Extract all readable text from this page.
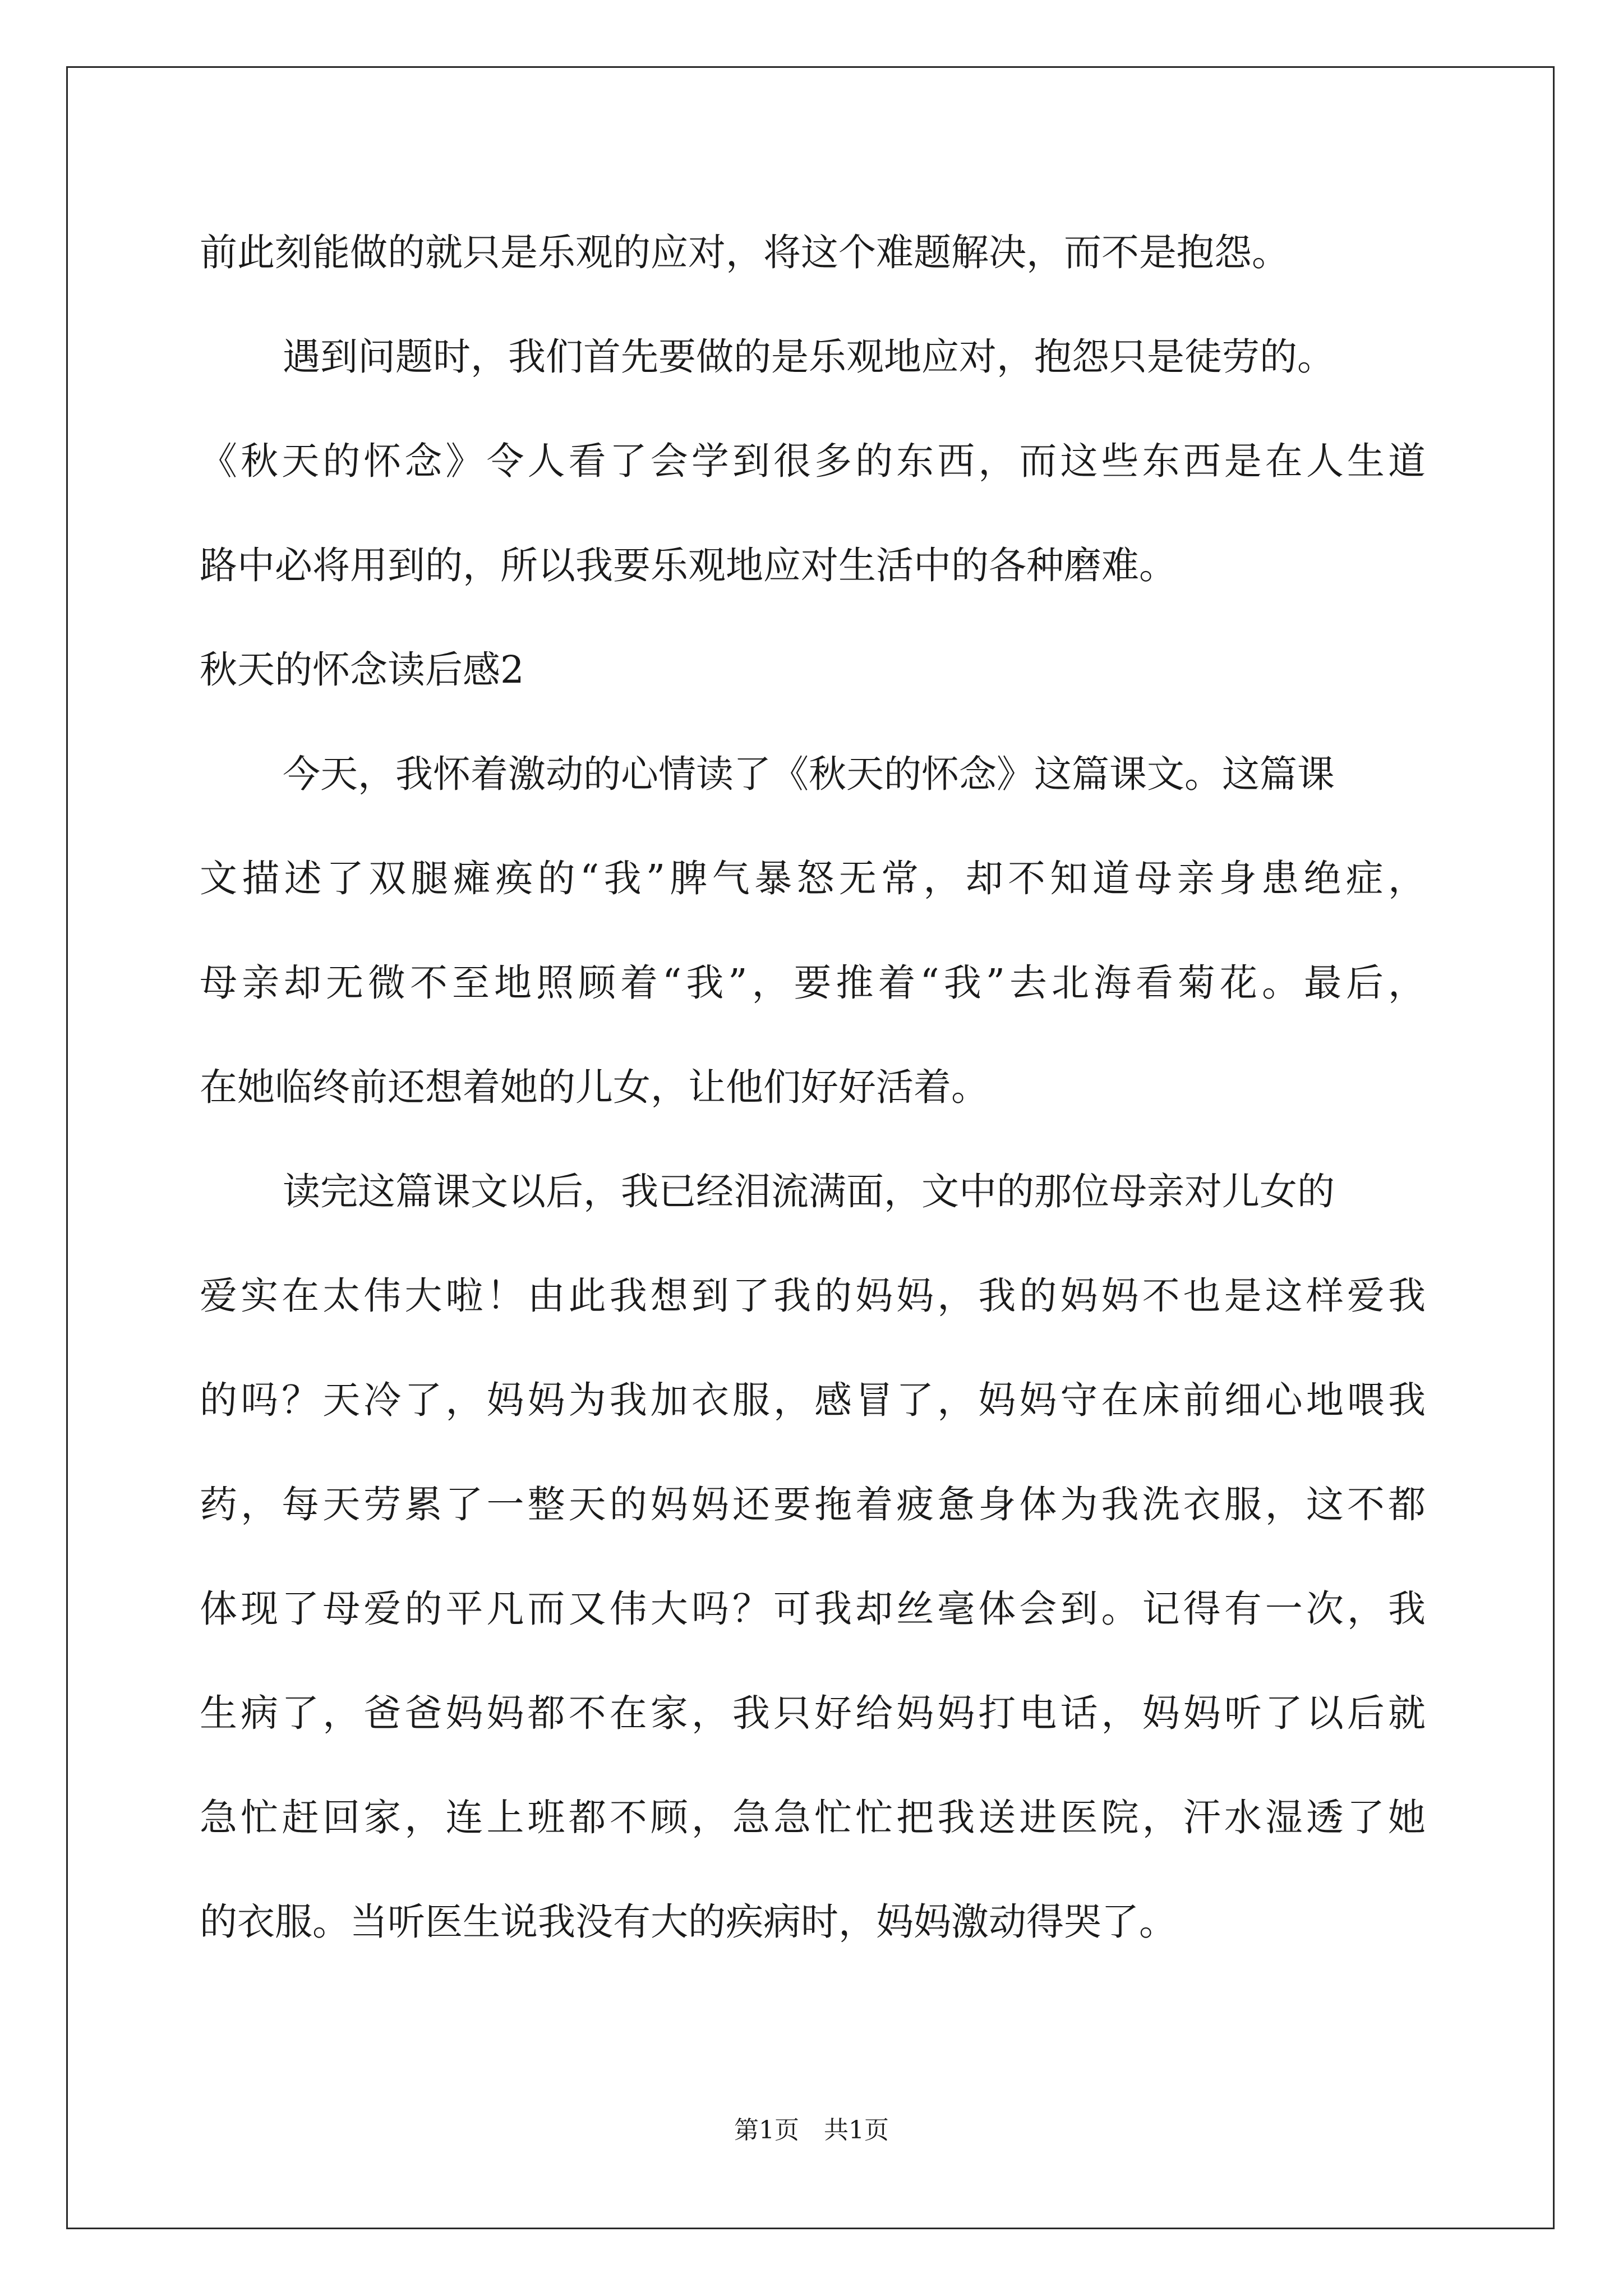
前此刻能做的就只是乐观的应对，将这个难题解决，而不是抱怨。
遇到问题时，我们首先要做的是乐观地应对，抱怨只是徒劳的。
《秋天的怀念》令人看了会学到很多的东西，而这些东西是在人生道
路中必将用到的，所以我要乐观地应对生活中的各种磨难。
秋天的怀念读后感2
今天，我怀着激动的心情读了《秋天的怀念》这篇课文。这篇课
文描述了双腿瘫痪的“我”脾气暴怒无常，却不知道母亲身患绝症，
母亲却无微不至地照顾着“我”，要推着“我”去北海看菊花。最后，
在她临终前还想着她的儿女，让他们好好活着。
读完这篇课文以后，我已经泪流满面，文中的那位母亲对儿女的
爱实在太伟大啦！由此我想到了我的妈妈，我的妈妈不也是这样爱我
的吗？天冷了，妈妈为我加衣服，感冒了，妈妈守在床前细心地喂我
药，每天劳累了一整天的妈妈还要拖着疲惫身体为我洗衣服，这不都
体现了母爱的平凡而又伟大吗？可我却丝毫体会到。记得有一次，我
生病了，爸爸妈妈都不在家，我只好给妈妈打电话，妈妈听了以后就
急忙赶回家，连上班都不顾，急急忙忙把我送进医院，汗水湿透了她
的衣服。当听医生说我没有大的疾病时，妈妈激动得哭了。
第1页　共1页
